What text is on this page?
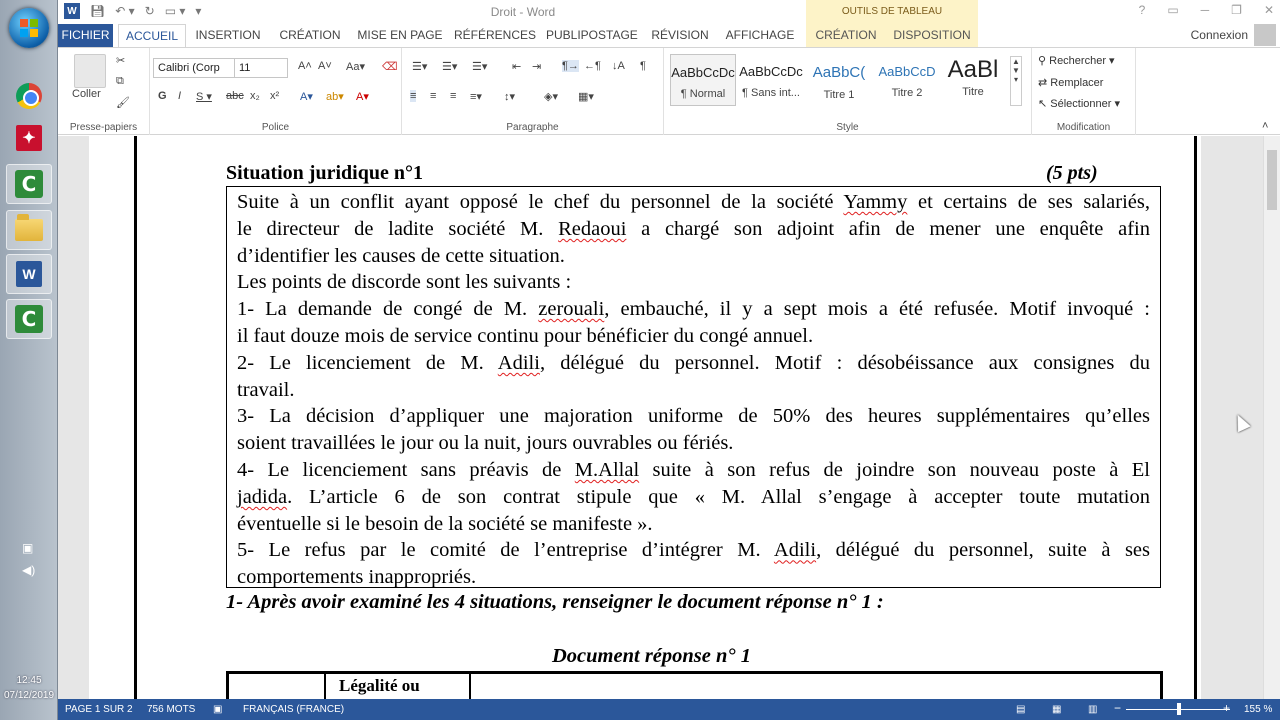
✦
C
W
C
▣
◀)
12:45
07/12/2019
W 💾︎ ↶ ▾ ↻ ▭ ▾ ▾	Droit - Word	OUTILS DE TABLEAU	? ▭ ─ ❐ ✕
FICHIER	ACCUEIL	INSERTION CRÉATION MISE EN PAGE RÉFÉRENCES PUBLIPOSTAGE RÉVISION	AFFICHAGE	CRÉATION	DISPOSITION	Connexion
Coller
✂
⧉
🖌︎
Presse-papiers
Calibri (Corp	11	A˄ A˅ Aa▾ ⌫
G I S ▾ abc x₂ x² A▾ ab▾ A▾
Police
☰▾ ☰▾ ☰▾ ⇤ ⇥ ¶→ ←¶ ↓A ¶
≡ ≡ ≡ ≡▾ ↕▾	◈▾ ▦▾
Paragraphe
AaBbCcDc
¶ Normal
AaBbCcDc
¶ Sans int...
AaBbC(
Titre 1
AaBbCcD
Titre 2
AaBl
Titre
▲
▼
▾
Style
⚲ Rechercher ▾
⇄ Remplacer
↖ Sélectionner ▾
Modification	˄
Situation juridique n°1	(5 pts)

Suite à un conflit ayant opposé le chef du personnel de la société Yammy et certains de ses salariés,

le directeur de ladite société M. Redaoui a chargé son adjoint afin de mener une enquête afin

d’identifier les causes de cette situation.

Les points de discorde sont les suivants :

1- La demande de congé de M. zerouali, embauché, il y a sept mois a été refusée. Motif invoqué :

il faut douze mois de service continu pour bénéficier du congé annuel.

2- Le licenciement de M. Adili, délégué du personnel. Motif : désobéissance aux consignes du

travail.

3- La décision d’appliquer une majoration uniforme de 50% des heures supplémentaires qu’elles

soient travaillées le jour ou la nuit, jours ouvrables ou fériés.

4- Le licenciement sans préavis de M.Allal suite à son refus de joindre son nouveau poste à El

jadida. L’article 6 de son contrat stipule que « M. Allal s’engage à accepter toute mutation

éventuelle si le besoin de la société se manifeste ».

5- Le refus par le comité de l’entreprise d’intégrer M. Adili, délégué du personnel, suite à ses

comportements inappropriés.

1- Après avoir examiné les 4 situations, renseigner le document réponse n° 1 :
Document réponse n° 1
Légalité ou
PAGE 1 SUR 2 756 MOTS ▣ FRANÇAIS (FRANCE)	▤	▦	▥ −	+ 155 %
